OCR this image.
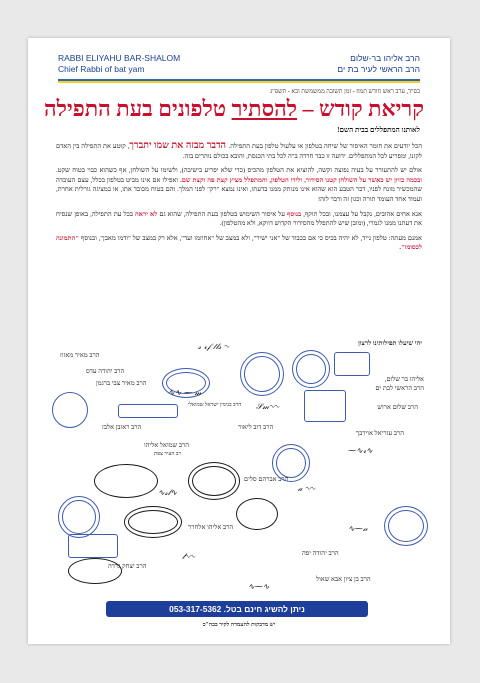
RABBI ELIYAHU BAR-SHALOM
Chief Rabbi of bat yam
הרב אליהו בר-שלום
הרב הראשי לעיר בת ים
בס"ד, ערב ראש חודש תמוז - זמן תשובה ממשמשת ובא - תשפ"ג
קריאת קודש – להסתיר טלפונים בעת התפילה
לאותנו המתפללים בבית השם!

הכל יודעים את חומר האיסור של שיחה בטלפון או עלעול טלפון בעת התפילה. הדבר מבזה את שמו יתברך, קוטע את התפילה בין האדם לקונו, ומפריע לכל המתפללים. ידועה זו כבר חרדה ב"ה לכל בתי הכנסת, והובא בכולם נוהרים בזה.

אולם יש להתעורר על בעיה נפוצה וקשה, להוציא את הטלפון מהכיס (כדי שלא יפריע בישיבה), ולשימו על השולחן, אף כשהוא כבוי בטוח שקט. ובכמה בזיון יש כאשר על השולחן קטנו הסידור, ולידו הטלפון, והמתפלל מציץ קצת פה וקצת שם. ואפילו אם אינו מביט בטלפון בכלל, עצם העובדה שהמכשיר מונח לפניו, דבר הטבע הוא שהוא אינו מנותק ממנו בדעתו, ואינו נמצא "רק" לפני המלך. והם בטוח מכובד אתו, או במציגה גורלית אחרת, ועמוד אחד העומד תורה וכגון זה ודבר לזה!

אנא אחים אהובים, נקבל על עצמנו, ובכל תוקף, בנוסף על איסור השימוש בטלפון בעת התפילה, שהוא גם לא יראה בכל עת התפילה, באופן שנסיח את דעתנו ממנו לגמרי, (ומובן שיש להתפלל מהסידור הקדוש דווקא, ולא מהטלפון).

אמנם מעתה: טלפון נייד, לא יהיה בכיס כי אם בכבוד של "אני ישיר", ולא במצב של "אחוזמו ועד", אלא רק במצב של "ודמו מאבן", ובנוסף "התמונה לכסומו".

יהי שיעלו תפילותינו לרצון
הרב מאיר מאזוז
הרב יהודה עדס
הרב מאיר צבי ברגמן
אליהו בר שלום,
הרב הראשי לבת ים
הרב שלום ארוש
הרב בנימין ישראל שמואלי
הרב ראובן אלבז	הרב דוב ליאור
הרב עזריאל אוירבך
הרב שמואל אליהו
רב העיר צפת
הרב אברהם סלים
הרב אליהו אלחרר
הרב יהודה יפה
הרב יצחק גרדה
הרב בן ציון אבא שאול
𝓈 𝓇𝒻 𝓉𝓁𝓈 ∿
∿∿ ⁓ 𝓂
𝒮𝓂∿∿
⁓∿𝓇∿
∿𝓈𝓁∿	𝒶 ∿∿
∿⁓𝓃
𝓁∿∿
∿⁓∿
ניתן להשיג חינם בטל. 053-317-5362
יש מדבקות להעמדה לקיר בבה"כ
